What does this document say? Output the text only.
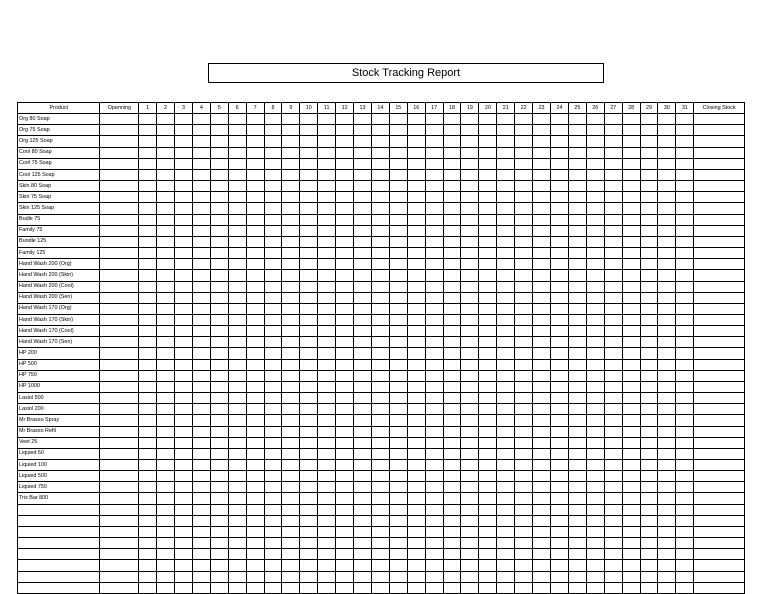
Stock Tracking Report
Product	Openning	1	2	3	4	5	6	7	8	9	10	11	12	13	14	15	16	17	18	19	20	21	22	23	24	25	26	27	28	29	30	31	Closing Stock
Org 80 Soap																																	
Org 75 Soap																																	
Org 125 Soap																																	
Cool 80 Soap																																	
Cool 75 Soap																																	
Cool 125 Soap																																	
Skin 80 Soap																																	
Skin 75 Soap																																	
Skin 125 Soap																																	
Budle 75																																	
Family 75																																	
Bundle 125																																	
Family 125																																	
Hand Wash 200 (Org)																																	
Hand Wash 200 (Skin)																																	
Hand Wash 200 (Cool)																																	
Hand Wash 200 (Sen)																																	
Hand Wash 170 (Org)																																	
Hand Wash 170 (Skin)																																	
Hand Wash 170 (Cool)																																	
Hand Wash 170 (Sen)																																	
HP 200																																	
HP 500																																	
HP 750																																	
HP 1000																																	
Lasiol 500																																	
Lasiol 200																																	
Mr Brasso Spray																																	
Mr Brasso Refil																																	
Veet 25																																	
Liquied 50																																	
Liquied 100																																	
Liquied 500																																	
Liquied 750																																	
Trix Bar 800																																	
